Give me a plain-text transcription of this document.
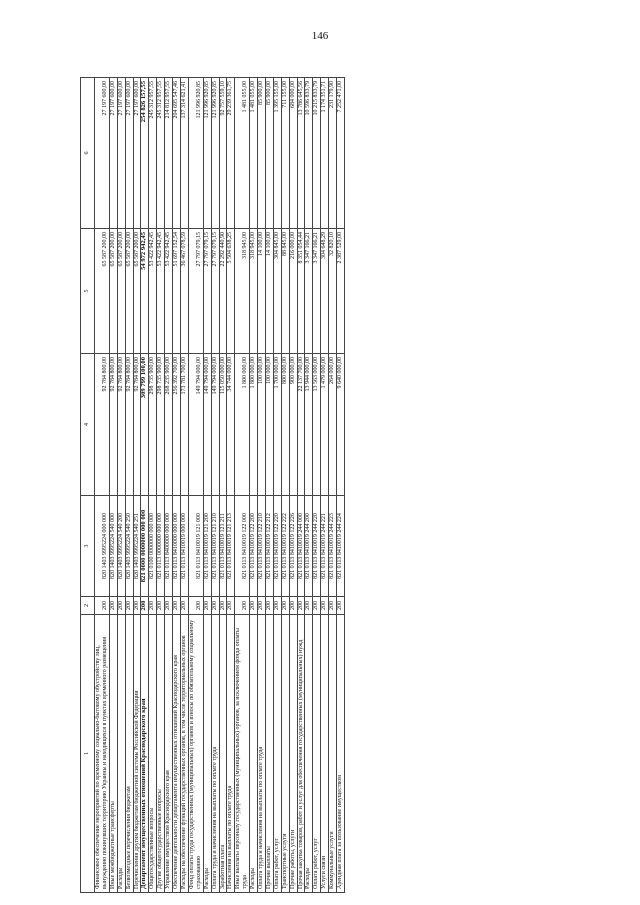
146
1	2	3	4	5	6
Финансовое обеспечение мероприятий по временному социально-бытовому обустройству лиц, вынужденно покинувших территорию Украины и находящихся в пунктах временного размещения	200	820 1403 9995224 000 000	92 784 800,00	65 587 200,00	27 197 600,00
Иные межбюджетные трансферты	200	820 1403 9995224 540 000	92 784 800,00	65 587 200,00	27 197 600,00
Расходы	200	820 1403 9995224 540 200	92 784 800,00	65 587 200,00	27 197 600,00
Безвозмездные перечисления бюджетам	200	820 1403 9995224 540 250	92 784 800,00	65 587 200,00	27 197 600,00
Перечисления другим бюджетам бюджетной системы Российской Федерации	200	820 1403 9995224 540 251	92 784 800,00	65 587 200,00	27 197 600,00
Департамент имущественных отношений Краснодарского края	200	821 0000 0000000 000 000	309 799 100,00	54 972 942,45	254 826 157,55
Общегосударственные вопросы	200	821 0100 0000000 000 000	298 735 900,00	53 422 942,45	245 312 957,55
Другие общегосударственные вопросы	200	821 0113 0000000 000 000	298 735 900,00	53 422 942,45	245 312 957,55
Управление имуществом Краснодарского края	200	821 0113 8400000 000 000	268 235 900,00	53 422 942,45	214 812 957,55
Обеспечение деятельности департамента имущественных отношений Краснодарского края	200	821 0113 8410000 000 000	256 392 700,00	51 697 152,54	204 695 547,46
Расходы на обеспечение функций государственных органов, в том числе территориальных органов	200	821 0113 8410019 000 000	173 781 700,00	36 467 078,59	137 314 621,41
Фонд оплаты труда государственных (муниципальных) органов и взносы по обязательному социальному страхованию	200	821 0113 8410019 121 000	149 794 000,00	27 797 079,15	121 996 920,85
Расходы	200	821 0113 8410019 121 200	149 794 000,00	27 797 079,15	121 996 920,85
Оплата труда и начисления на выплаты по оплате труда	200	821 0113 8410019 121 210	149 794 000,00	27 797 079,15	121 996 920,85
Заработная плата	200	821 0113 8410019 121 211	115 050 000,00	22 292 440,90	92 757 559,10
Начисления на выплаты по оплате труда	200	821 0113 8410019 121 213	34 744 000,00	5 504 638,25	29 239 361,75
Иные выплаты персоналу государственных (муниципальных) органов, за исключением фонда оплаты труда	200	821 0113 8410019 122 000	1 800 000,00	318 945,00	1 481 055,00
Расходы	200	821 0113 8410019 122 200	1 800 000,00	318 945,00	1 481 055,00
Оплата труда и начисления на выплаты по оплате труда	200	821 0113 8410019 122 210	100 000,00	14 100,00	85 900,00
Прочие выплаты	200	821 0113 8410019 122 212	100 000,00	14 100,00	85 900,00
Оплата работ, услуг	200	821 0113 8410019 122 220	1 700 000,00	304 845,00	1 395 155,00
Транспортные услуги	200	821 0113 8410019 122 222	800 000,00	88 845,00	711 155,00
Прочие работы, услуги	200	821 0113 8410019 122 226	900 000,00	216 000,00	684 000,00
Прочая закупка товаров, работ и услуг для обеспечения государственных (муниципальных) нужд	200	821 0113 8410019 244 000	22 137 700,00	8 351 054,44	13 786 645,56
Расходы	200	821 0113 8410019 244 200	13 944 000,00	3 347 166,21	10 596 833,79
Оплата работ, услуг	200	821 0113 8410019 244 220	13 563 000,00	3 347 166,21	10 215 833,79
Услуги связи	200	821 0113 8410019 244 221	1 479 000,00	304 648,29	1 174 351,71
Коммунальные услуги	200	821 0113 8410019 244 223	264 000,00	32 820,10	231 179,90
Арендная плата за пользование имуществом	200	821 0113 8410019 244 224	9 640 000,00	2 387 529,00	7 252 471,00
